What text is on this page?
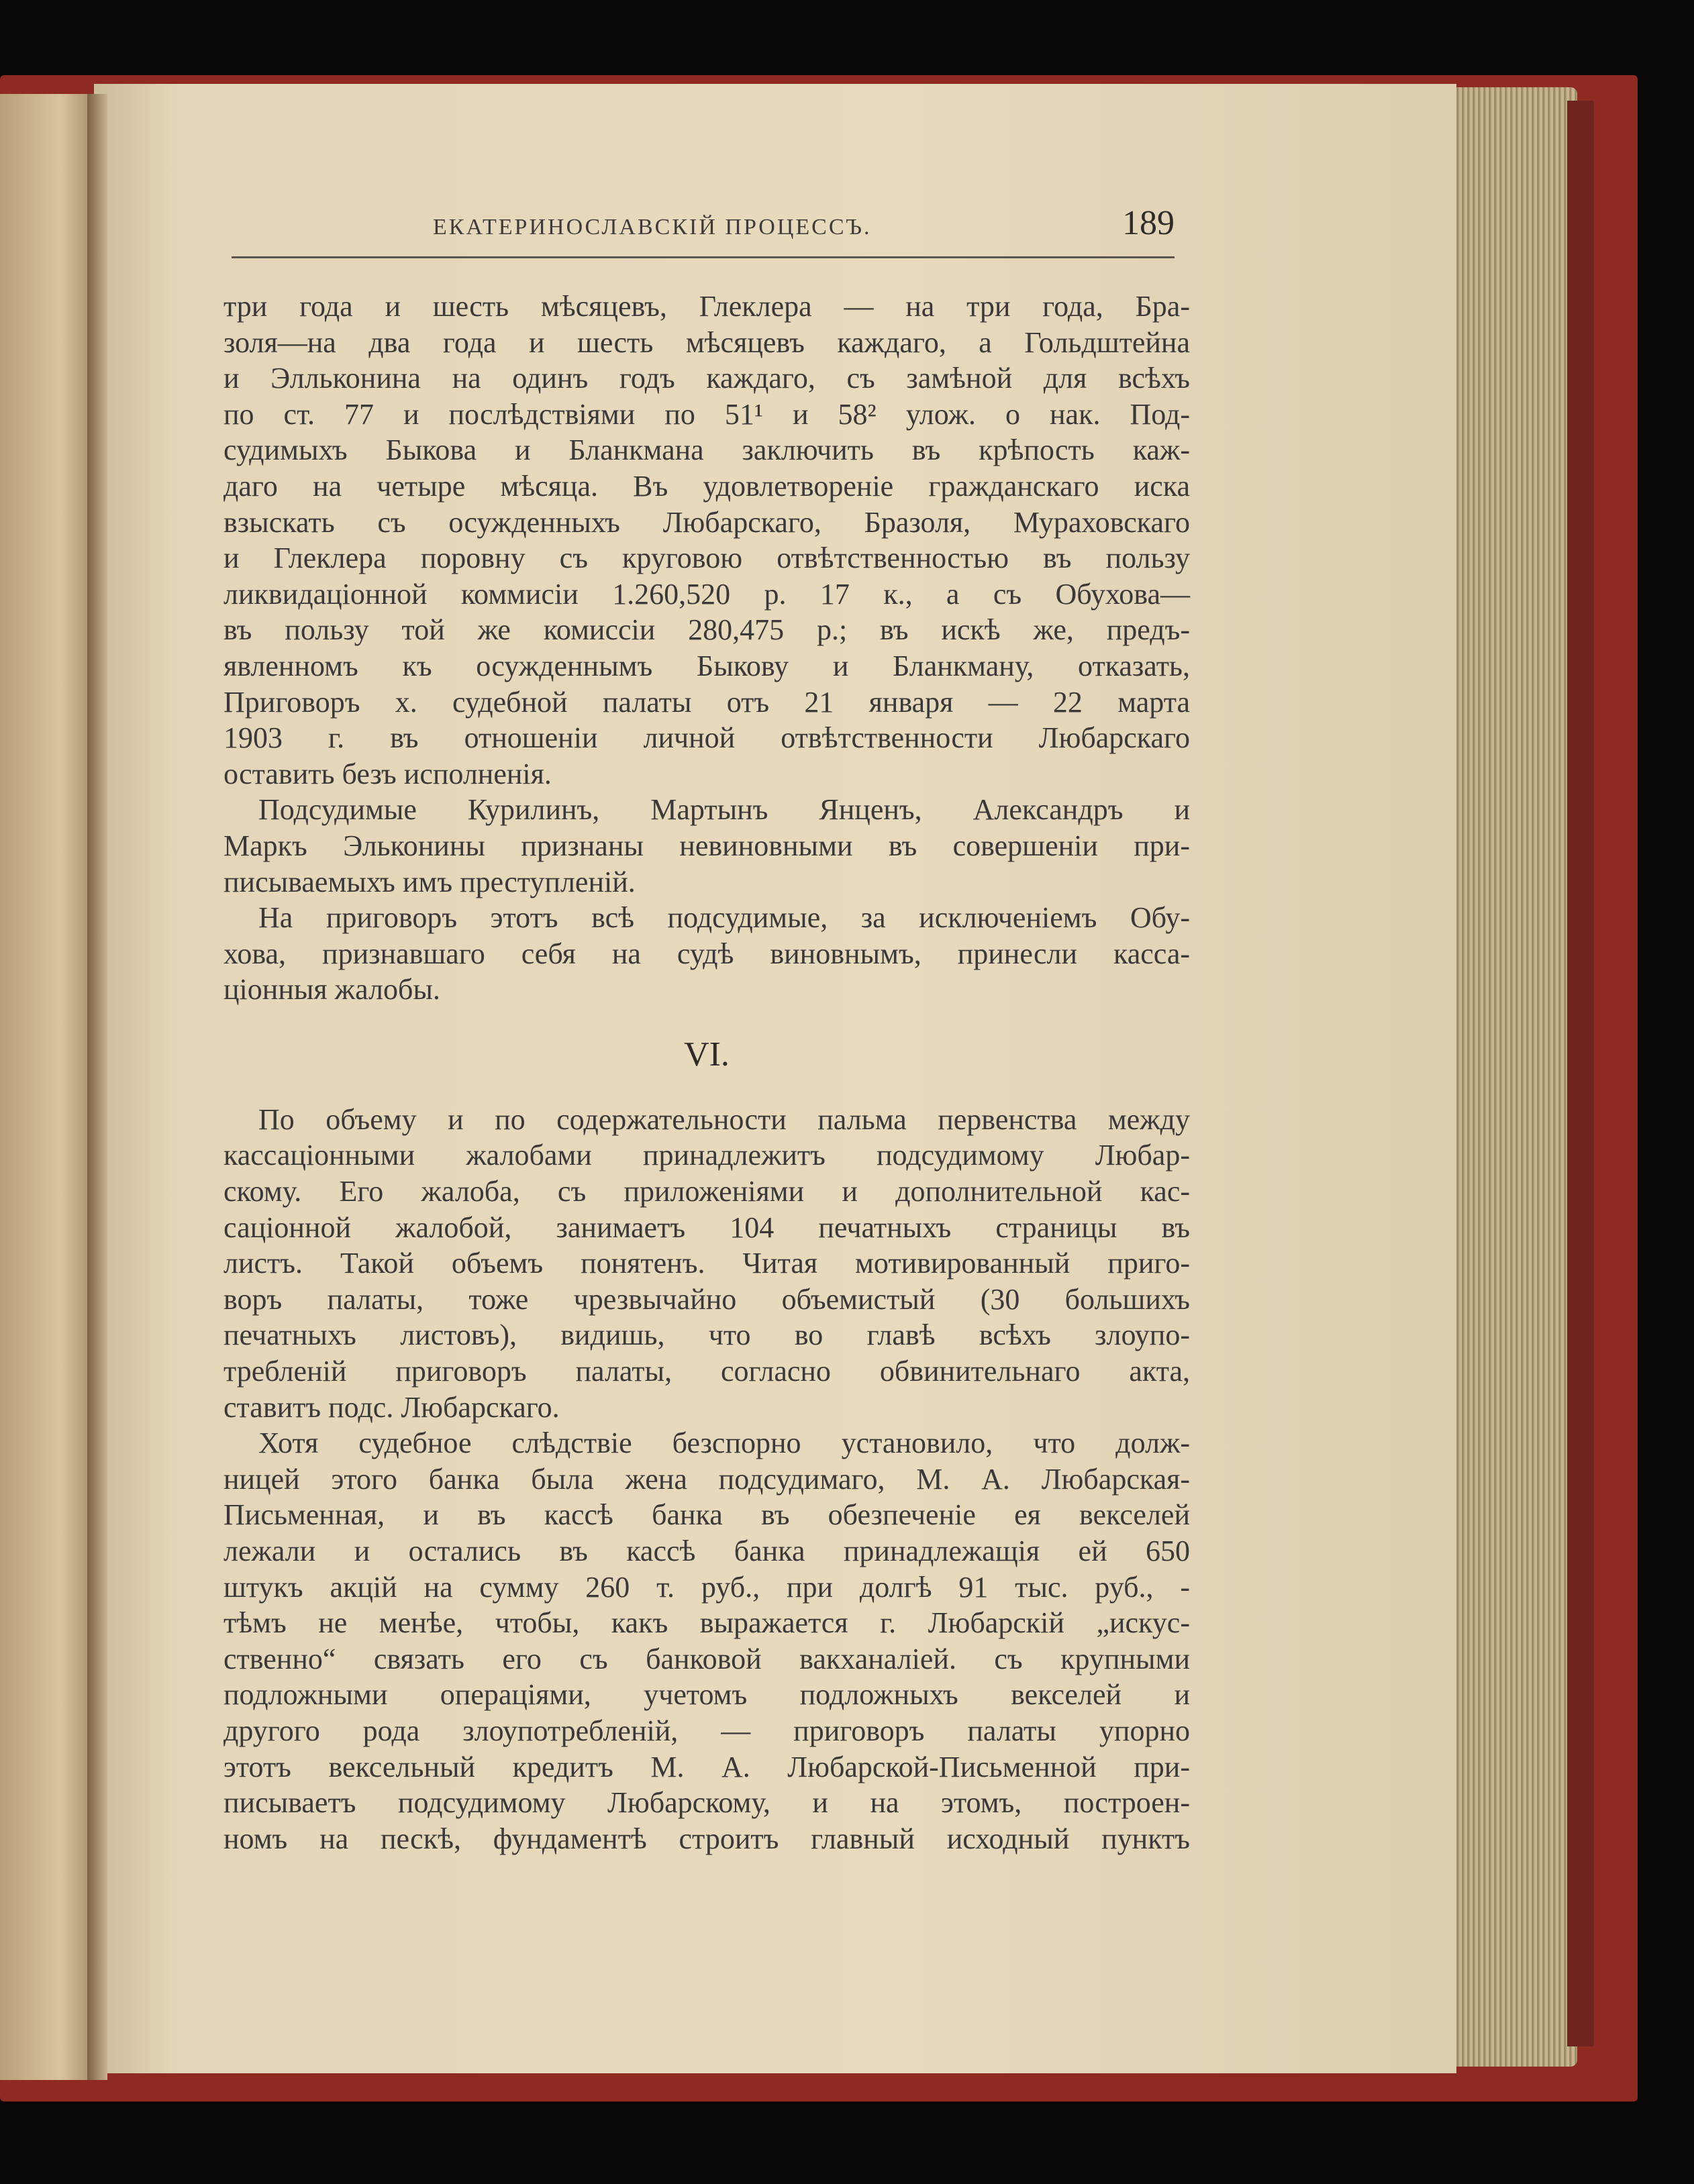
ЕКАТЕРИНОСЛАВСКІЙ ПРОЦЕССЪ.	189
три года и шесть мѣсяцевъ, Глеклера — на три года, Бра-
золя—на два года и шесть мѣсяцевъ каждаго, а Гольдштейна
и Элльконина на одинъ годъ каждаго, съ замѣной для всѣхъ
по ст. 77 и послѣдствіями по 51¹ и 58² улож. о нак. Под-
судимыхъ Быкова и Бланкмана заключить въ крѣпость каж-
даго на четыре мѣсяца. Въ удовлетвореніе гражданскаго иска
взыскать съ осужденныхъ Любарскаго, Бразоля, Мураховскаго
и Глеклера поровну съ круговою отвѣтственностью въ пользу
ликвидаціонной коммисіи 1.260,520 р. 17 к., а съ Обухова—
въ пользу той же комиссіи 280,475 р.; въ искѣ же, предъ-
явленномъ къ осужденнымъ Быкову и Бланкману, отказать,
Приговоръ х. судебной палаты отъ 21 января — 22 марта
1903 г. въ отношеніи личной отвѣтственности Любарскаго
оставить безъ исполненія.
Подсудимые Курилинъ, Мартынъ Янценъ, Александръ и
Маркъ Эльконины признаны невиновными въ совершеніи при-
писываемыхъ имъ преступленій.
На приговоръ этотъ всѣ подсудимые, за исключеніемъ Обу-
хова, признавшаго себя на судѣ виновнымъ, принесли касса-
ціонныя жалобы.
VI.
По объему и по содержательности пальма первенства между
кассаціонными жалобами принадлежитъ подсудимому Любар-
скому. Его жалоба, съ приложеніями и дополнительной кас-
саціонной жалобой, занимаетъ 104 печатныхъ страницы въ
листъ. Такой объемъ понятенъ. Читая мотивированный приго-
воръ палаты, тоже чрезвычайно объемистый (30 большихъ
печатныхъ листовъ), видишь, что во главѣ всѣхъ злоупо-
требленій приговоръ палаты, согласно обвинительнаго акта,
ставитъ подс. Любарскаго.
Хотя судебное слѣдствіе безспорно установило, что долж-
ницей этого банка была жена подсудимаго, М. А. Любарская-
Письменная, и въ кассѣ банка въ обезпеченіе ея векселей
лежали и остались въ кассѣ банка принадлежащія ей 650
штукъ акцій на сумму 260 т. руб., при долгѣ 91 тыс. руб., -
тѣмъ не менѣе, чтобы, какъ выражается г. Любарскій „искус-
ственно“ связать его съ банковой вакханаліей. съ крупными
подложными операціями, учетомъ подложныхъ векселей и
другого рода злоупотребленій, — приговоръ палаты упорно
этотъ вексельный кредитъ М. А. Любарской-Письменной при-
писываетъ подсудимому Любарскому, и на этомъ, построен-
номъ на пескѣ, фундаментѣ строитъ главный исходный пунктъ
